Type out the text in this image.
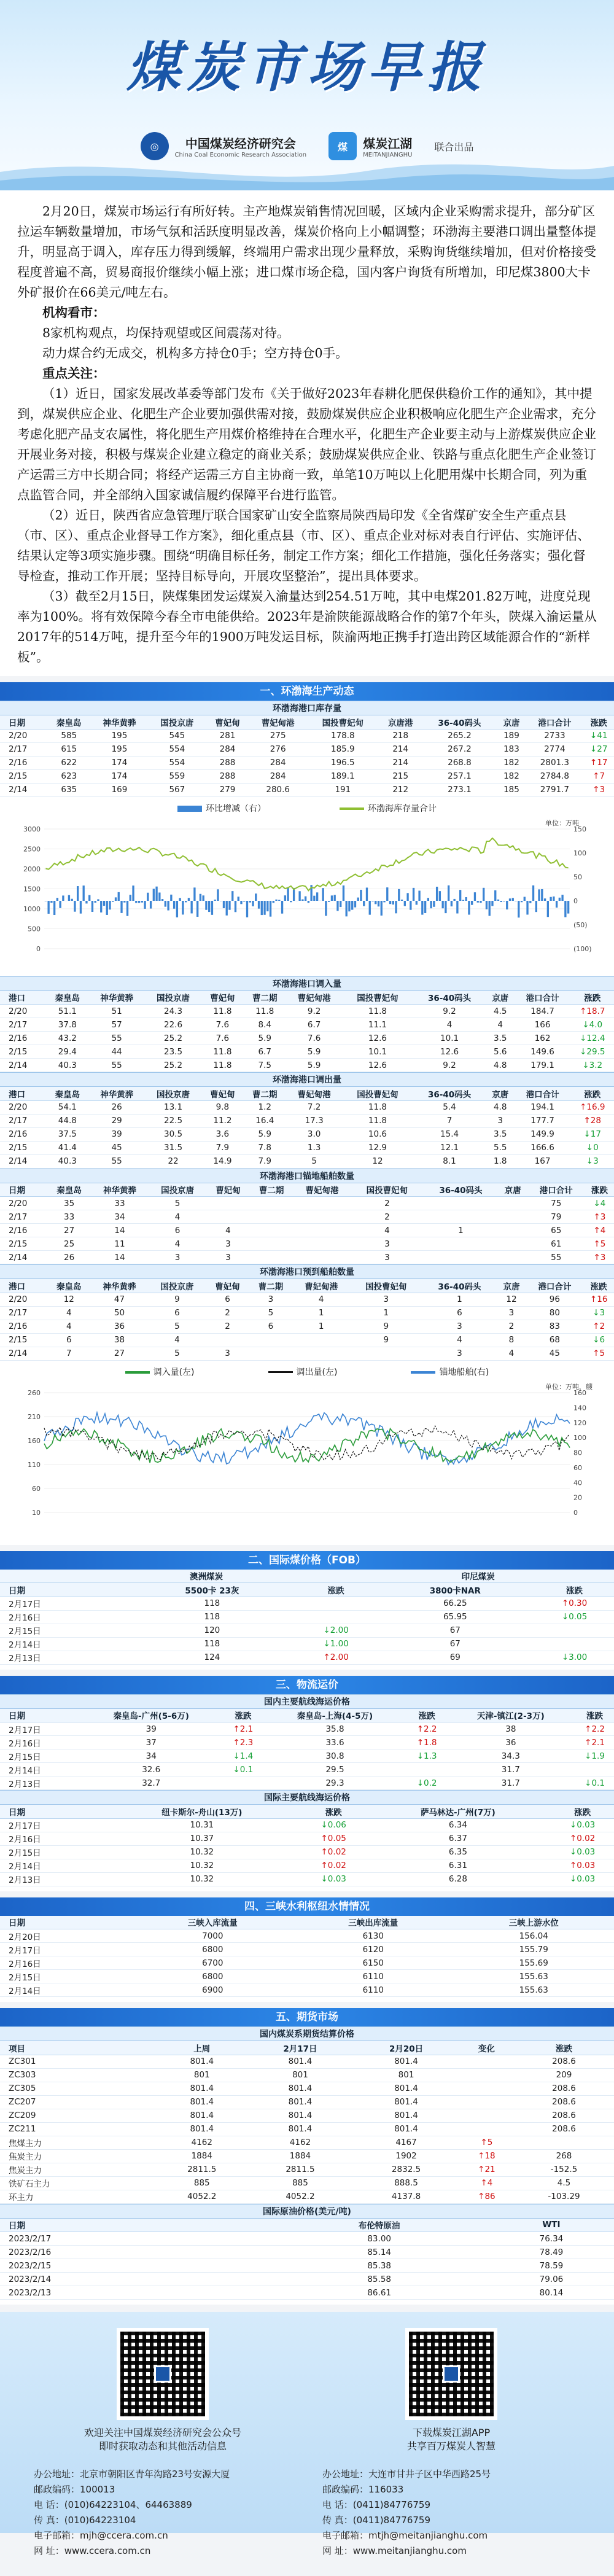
煤炭市场早报
◎	中国煤炭经济研究会
China Coal Economic Research Association
煤	煤炭江湖
MEITANJIANGHU
联合出品

2月20日，煤炭市场运行有所好转。主产地煤炭销售情况回暖，区域内企业采购需求提升，部分矿区拉运车辆数量增加，市场气氛和活跃度明显改善，煤炭价格向上小幅调整；环渤海主要港口调出量整体提升，明显高于调入，库存压力得到缓解，终端用户需求出现少量释放，采购询货继续增加，但对价格接受程度普遍不高，贸易商报价继续小幅上涨；进口煤市场企稳，国内客户询货有所增加，印尼煤3800大卡外矿报价在66美元/吨左右。

机构看市：

8家机构观点，均保持观望或区间震荡对待。

动力煤合约无成交，机构多方持仓0手；空方持仓0手。

重点关注：

（1）近日，国家发展改革委等部门发布《关于做好2023年春耕化肥保供稳价工作的通知》，其中提到，煤炭供应企业、化肥生产企业要加强供需对接，鼓励煤炭供应企业积极响应化肥生产企业需求，充分考虑化肥产品支农属性，将化肥生产用煤价格维持在合理水平，化肥生产企业要主动与上游煤炭供应企业开展业务对接，积极与煤炭企业建立稳定的商业关系；鼓励煤炭供应企业、铁路与重点化肥生产企业签订产运需三方中长期合同；将经产运需三方自主协商一致，单笔10万吨以上化肥用煤中长期合同，列为重点监管合同，并全部纳入国家诚信履约保障平台进行监管。

（2）近日，陕西省应急管理厅联合国家矿山安全监察局陕西局印发《全省煤矿安全生产重点县（市、区）、重点企业督导工作方案》，细化重点县（市、区）、重点企业对标对表自行评估、实施评估、结果认定等3项实施步骤。围绕“明确目标任务，制定工作方案；细化工作措施，强化任务落实；强化督导检查，推动工作开展；坚持目标导向，开展攻坚整治”，提出具体要求。

（3）截至2月15日，陕煤集团发运煤炭入渝量达到254.51万吨，其中电煤201.82万吨，进度兑现率为100%。将有效保障今春全市电能供给。2023年是渝陕能源战略合作的第7个年头，陕煤入渝运量从2017年的514万吨，提升至今年的1900万吨发运目标，陕渝两地正携手打造出跨区域能源合作的“新样板”。

一、环渤海生产动态
环渤海港口库存量
日期	秦皇岛	神华黄骅	国投京唐	曹妃甸	曹妃甸港	国投曹妃甸	京唐港	36-40码头	京唐	港口合计	涨跌
2/20	585	195	545	281	275	178.8	218	265.2	189	2733	↓41
2/17	615	195	554	284	276	185.9	214	267.2	183	2774	↓27
2/16	622	174	554	288	284	196.5	214	268.8	182	2801.3	↑17
2/15	623	174	559	288	284	189.1	215	257.1	182	2784.8	↑7
2/14	635	169	567	279	280.6	191	212	273.1	185	2791.7	↑3
环比增减（右）	环渤海库存量合计
3000
2500
2000
1500
1000
500
0
150
100
50
0
(50)
(100)
单位：万吨
环渤海港口调入量
港口	秦皇岛	神华黄骅	国投京唐	曹妃甸	曹二期	曹妃甸港	国投曹妃甸	36-40码头	京唐	港口合计	涨跌
2/20	51.1	51	24.3	11.8	11.8	9.2	11.8	9.2	4.5	184.7	↑18.7
2/17	37.8	57	22.6	7.6	8.4	6.7	11.1	4	4	166	↓4.0
2/16	43.2	55	25.2	7.6	5.9	7.6	12.6	10.1	3.5	162	↓12.4
2/15	29.4	44	23.5	11.8	6.7	5.9	10.1	12.6	5.6	149.6	↓29.5
2/14	40.3	55	25.2	11.8	7.5	5.9	12.6	9.2	4.8	179.1	↓3.2
环渤海港口调出量
港口	秦皇岛	神华黄骅	国投京唐	曹妃甸	曹二期	曹妃甸港	国投曹妃甸	36-40码头	京唐	港口合计	涨跌
2/20	54.1	26	13.1	9.8	1.2	7.2	11.8	5.4	4.8	194.1	↑16.9
2/17	44.8	29	22.5	11.2	16.4	17.3	11.8	7	3	177.7	↑28
2/16	37.5	39	30.5	3.6	5.9	3.0	10.6	15.4	3.5	149.9	↓17
2/15	41.4	45	31.5	7.9	7.8	1.3	12.9	12.1	5.5	166.6	↓0
2/14	40.3	55	22	14.9	7.9	5	12	8.1	1.8	167	↓3
环渤海港口锚地船舶数量
日期	秦皇岛	神华黄骅	国投京唐	曹妃甸	曹二期	曹妃甸港	国投曹妃甸	36-40码头	京唐	港口合计	涨跌
2/20	35	33	5				2			75	↓4
2/17	33	34	4				2			79	↑3
2/16	27	14	6	4			4	1		65	↑4
2/15	25	11	4	3			3			61	↑5
2/14	26	14	3	3			3			55	↑3
环渤海港口预到船舶数量
港口	秦皇岛	神华黄骅	国投京唐	曹妃甸	曹二期	曹妃甸港	国投曹妃甸	36-40码头	京唐	港口合计	涨跌
2/20	12	47	9	6	3	4	3	1	12	96	↑16
2/17	4	50	6	2	5	1	1	6	3	80	↓3
2/16	4	36	5	2	6	1	9	3	2	83	↑2
2/15	6	38	4				9	4	8	68	↓6
2/14	7	27	5	3				3	4	45	↑5
调入量(左)	调出量(左)	锚地船舶(右)
260
210
160
110
60
10
160
140
120
100
80
60
40
20
0
单位：万吨，艘
二、国际煤价格（FOB）
	澳洲煤炭	印尼煤炭
日期	5500卡 23灰	涨跌	3800卡NAR	涨跌
2月17日	118		66.25	↑0.30
2月16日	118		65.95	↓0.05
2月15日	120	↓2.00	67	
2月14日	118	↓1.00	67	
2月13日	124	↑2.00	69	↓3.00
三、物流运价
国内主要航线海运价格
日期	秦皇岛-广州(5-6万)	涨跌	秦皇岛-上海(4-5万)	涨跌	天津-镇江(2-3万)	涨跌
2月17日	39	↑2.1	35.8	↑2.2	38	↑2.2
2月16日	37	↑2.3	33.6	↑1.8	36	↑2.1
2月15日	34	↓1.4	30.8	↓1.3	34.3	↓1.9
2月14日	32.6	↓0.1	29.5		31.7	
2月13日	32.7		29.3	↓0.2	31.7	↓0.1
国际主要航线海运价格
日期	纽卡斯尔-舟山(13万)	涨跌	萨马林达-广州(7万)	涨跌
2月17日	10.31	↓0.06	6.34	↓0.03
2月16日	10.37	↑0.05	6.37	↑0.02
2月15日	10.32	↑0.02	6.35	↓0.03
2月14日	10.32	↑0.02	6.31	↑0.03
2月13日	10.32	↓0.03	6.28	↓0.03
四、三峡水利枢纽水情情况
日期	三峡入库流量	三峡出库流量	三峡上游水位
2月20日	7000	6130	156.04
2月17日	6800	6120	155.79
2月16日	6700	6150	155.69
2月15日	6800	6110	155.63
2月14日	6900	6110	155.63
五、期货市场
国内煤炭系期货结算价格
项目	上周	2月17日	2月20日	变化	涨跌
ZC301	801.4	801.4	801.4		208.6
ZC303	801	801	801		209
ZC305	801.4	801.4	801.4		208.6
ZC207	801.4	801.4	801.4		208.6
ZC209	801.4	801.4	801.4		208.6
ZC211	801.4	801.4	801.4		208.6
焦煤主力	4162	4162	4167	↑5	
焦炭主力	1884	1884	1902	↑18	268
焦炭主力	2811.5	2811.5	2832.5	↑21	-152.5
铁矿石主力	885	885	888.5	↑4	4.5
环主力	4052.2	4052.2	4137.8	↑86	-103.29
国际原油价格(美元/吨)
日期	布伦特原油	WTI
2023/2/17	83.00	76.34
2023/2/16	85.14	78.49
2023/2/15	85.38	78.59
2023/2/14	85.58	79.06
2023/2/13	86.61	80.14
欢迎关注中国煤炭经济研究会公众号
即时获取动态和其他活动信息
下载煤炭江湖APP
共享百万煤炭人智慧
办公地址：北京市朝阳区青年沟路23号安源大厦
邮政编码：100013
电 话：(010)64223104、64463889
传 真：(010)64223104
电子邮箱：mjh@ccera.com.cn
网 址：www.ccera.com.cn
办公地址：大连市甘井子区中华西路25号
邮政编码：116033
电 话：(0411)84776759
传 真：(0411)84776759
电子邮箱：mtjh@meitanjianghu.com
网 址：www.meitanjianghu.com
